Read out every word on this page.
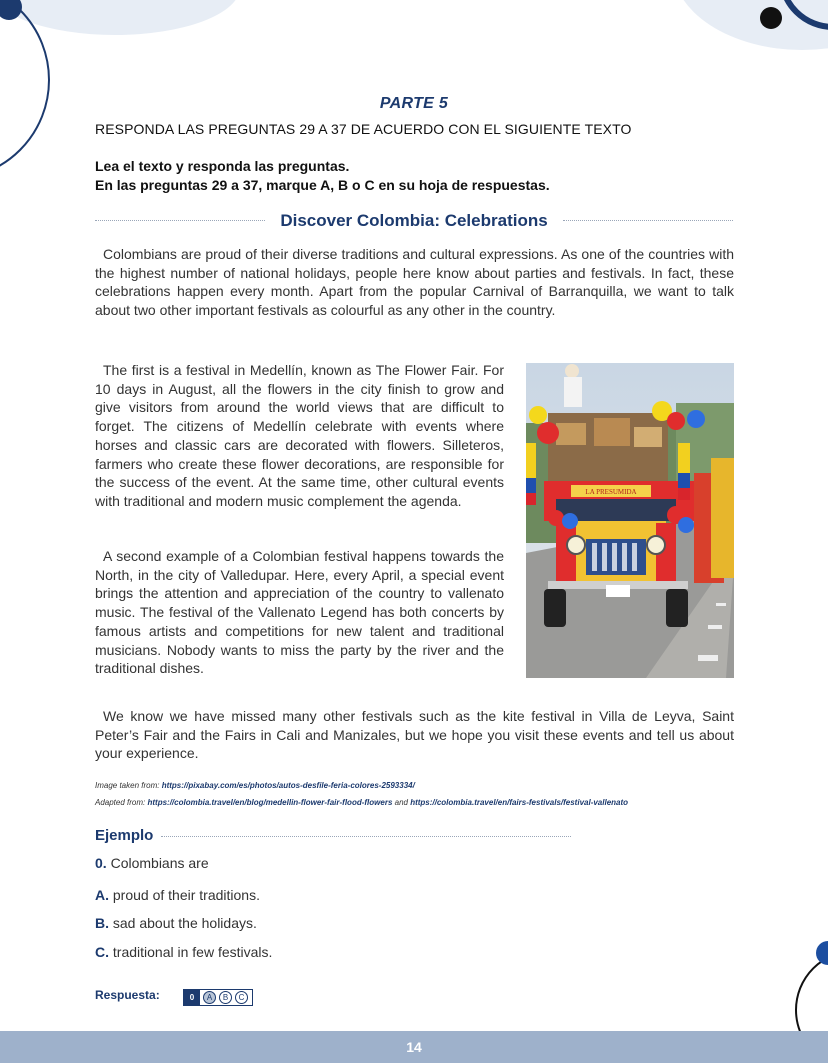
PARTE 5
RESPONDA LAS PREGUNTAS 29 A 37 DE ACUERDO CON EL SIGUIENTE TEXTO
Lea el texto y responda las preguntas.
En las preguntas 29 a 37, marque A, B o C en su hoja de respuestas.
Discover Colombia: Celebrations

Colombians are proud of their diverse traditions and cultural expressions. As one of the countries with the highest number of national holidays, people here know about parties and festivals. In fact, these celebrations happen every month. Apart from the popular Carnival of Barranquilla, we want to talk about two other important festivals as colourful as any other in the country.

The first is a festival in Medellín, known as The Flower Fair. For 10 days in August, all the flowers in the city finish to grow and give visitors from around the world views that are difficult to forget. The citizens of Medellín celebrate with events where horses and classic cars are decorated with flowers. Silleteros, farmers who create these flower decorations, are responsible for the success of the event. At the same time, other cultural events with traditional and modern music complement the agenda.

A second example of a Colombian festival happens towards the North, in the city of Valledupar. Here, every April, a special event brings the attention and appreciation of the country to vallenato music. The festival of the Vallenato Legend has both concerts by famous artists and competitions for new talent and traditional musicians. Nobody wants to miss the party by the river and the traditional dishes.

We know we have missed many other festivals such as the kite festival in Villa de Leyva, Saint Peter’s Fair and the Fairs in Cali and Manizales, but we hope you visit these events and tell us about your experience.

LA PRESUMIDA
Image taken from: https://pixabay.com/es/photos/autos-desfile-feria-colores-2593334/
Adapted from: https://colombia.travel/en/blog/medellin-flower-fair-flood-flowers and https://colombia.travel/en/fairs-festivals/festival-vallenato
Ejemplo
0. Colombians are
A. proud of their traditions.
B. sad about the holidays.
C. traditional in few festivals.
Respuesta:	0	A	B	C
14
